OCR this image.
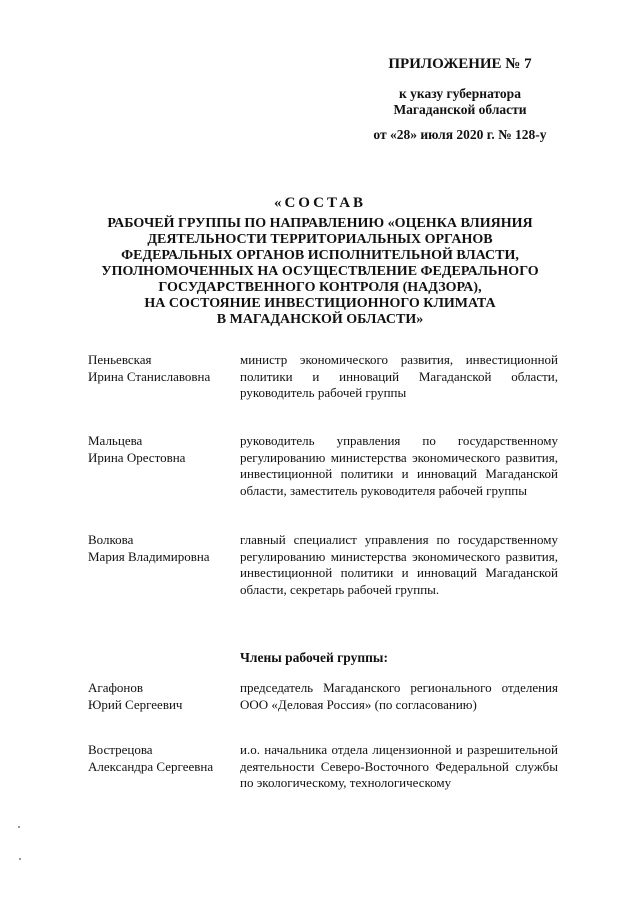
ПРИЛОЖЕНИЕ № 7
к указу губернатора
Магаданской области
от «28» июля 2020 г. № 128-у
«СОСТАВ
РАБОЧЕЙ ГРУППЫ ПО НАПРАВЛЕНИЮ «ОЦЕНКА ВЛИЯНИЯ
ДЕЯТЕЛЬНОСТИ ТЕРРИТОРИАЛЬНЫХ ОРГАНОВ
ФЕДЕРАЛЬНЫХ ОРГАНОВ ИСПОЛНИТЕЛЬНОЙ ВЛАСТИ,
УПОЛНОМОЧЕННЫХ НА ОСУЩЕСТВЛЕНИЕ ФЕДЕРАЛЬНОГО
ГОСУДАРСТВЕННОГО КОНТРОЛЯ (НАДЗОРА),
НА СОСТОЯНИЕ ИНВЕСТИЦИОННОГО КЛИМАТА
В МАГАДАНСКОЙ ОБЛАСТИ»
Пеньевская
Ирина Станиславовна
министр экономического развития, инвестиционной политики и инноваций Магаданской области, руководитель рабочей группы
Мальцева
Ирина Орестовна
руководитель управления по государственному регулированию министерства экономического развития, инвестиционной политики и инноваций Магаданской области, заместитель руководителя рабочей группы
Волкова
Мария Владимировна
главный специалист управления по государственному регулированию министерства экономического развития, инвестиционной политики и инноваций Магаданской области, секретарь рабочей группы.
Члены рабочей группы:
Агафонов
Юрий Сергеевич
председатель Магаданского регионального отделения ООО «Деловая Россия» (по согласованию)
Вострецова
Александра Сергеевна
и.о. начальника отдела лицензионной и разрешительной деятельности Северо-Восточного Федеральной службы по экологическому, технологическому
